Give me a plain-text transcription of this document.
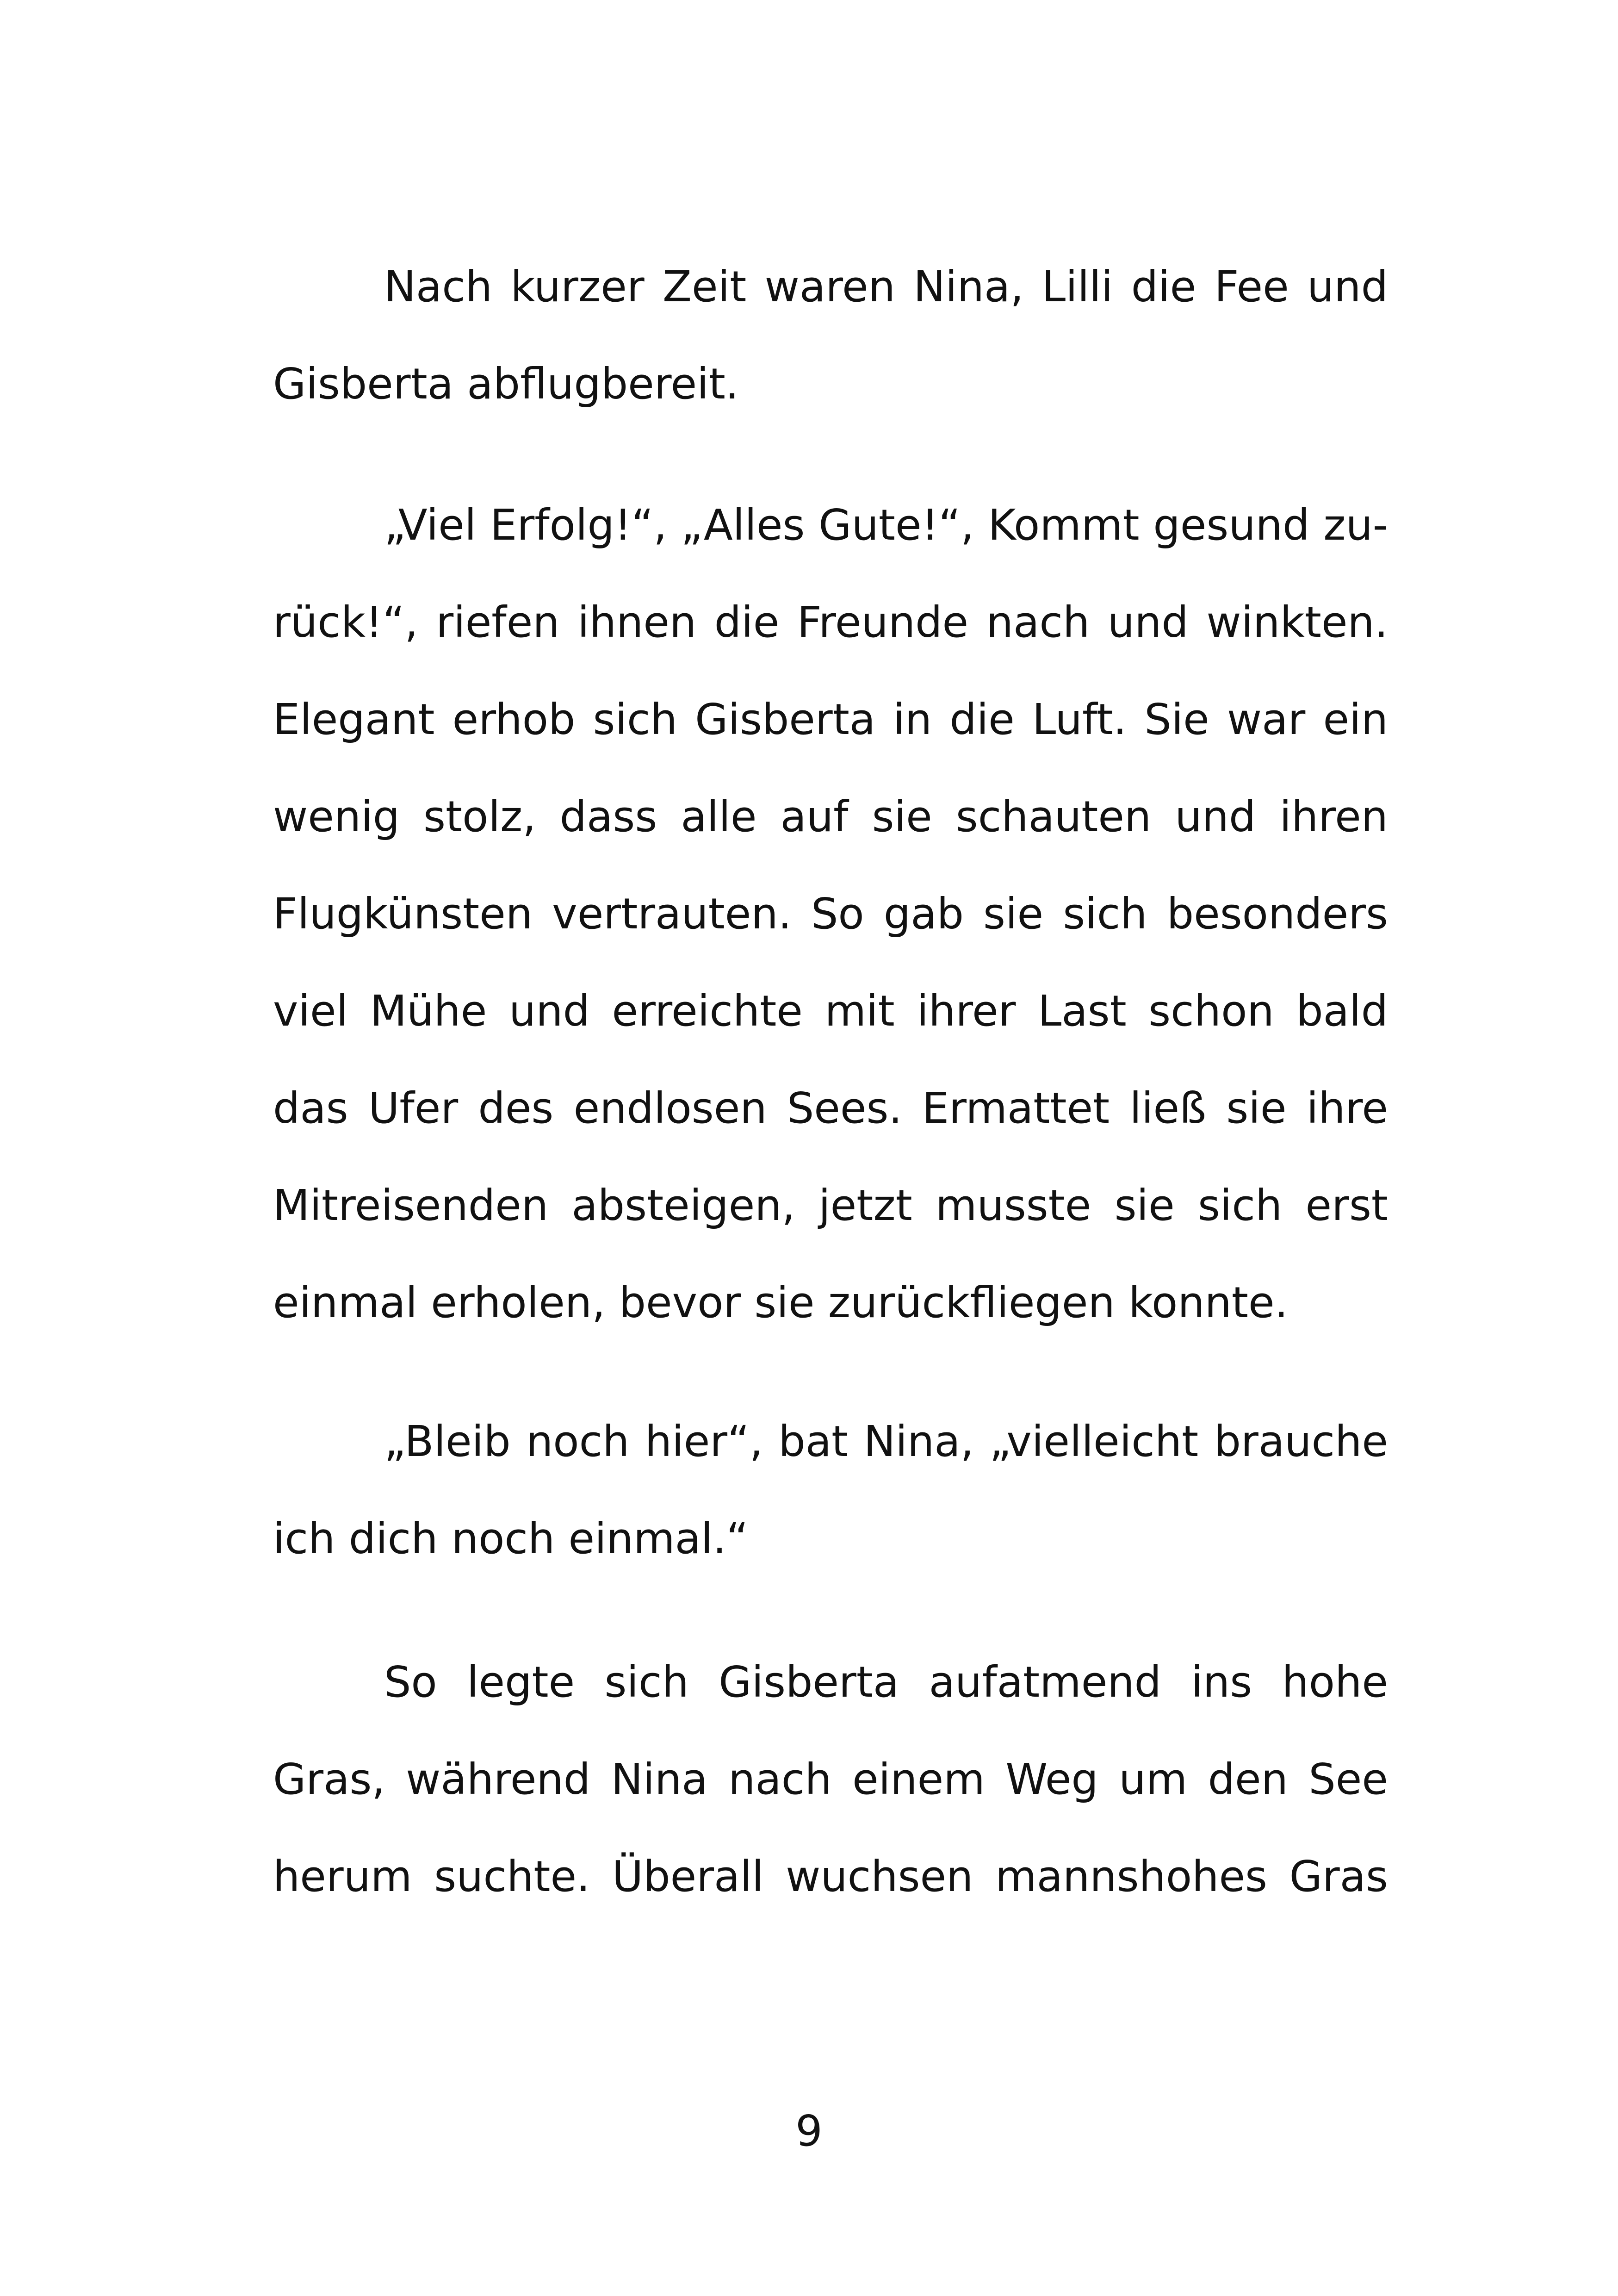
Nach kurzer Zeit waren Nina, Lilli die Fee und
Gisberta abflugbereit.
„Viel Erfolg!“, „Alles Gute!“, Kommt gesund zu-
rück!“, riefen ihnen die Freunde nach und winkten.
Elegant erhob sich Gisberta in die Luft. Sie war ein
wenig stolz, dass alle auf sie schauten und ihren
Flugkünsten vertrauten. So gab sie sich besonders
viel Mühe und erreichte mit ihrer Last schon bald
das Ufer des endlosen Sees. Ermattet ließ sie ihre
Mitreisenden absteigen, jetzt musste sie sich erst
einmal erholen, bevor sie zurückfliegen konnte.
„Bleib noch hier“, bat Nina, „vielleicht brauche
ich dich noch einmal.“
So legte sich Gisberta aufatmend ins hohe
Gras, während Nina nach einem Weg um den See
herum suchte. Überall wuchsen mannshohes Gras
9
